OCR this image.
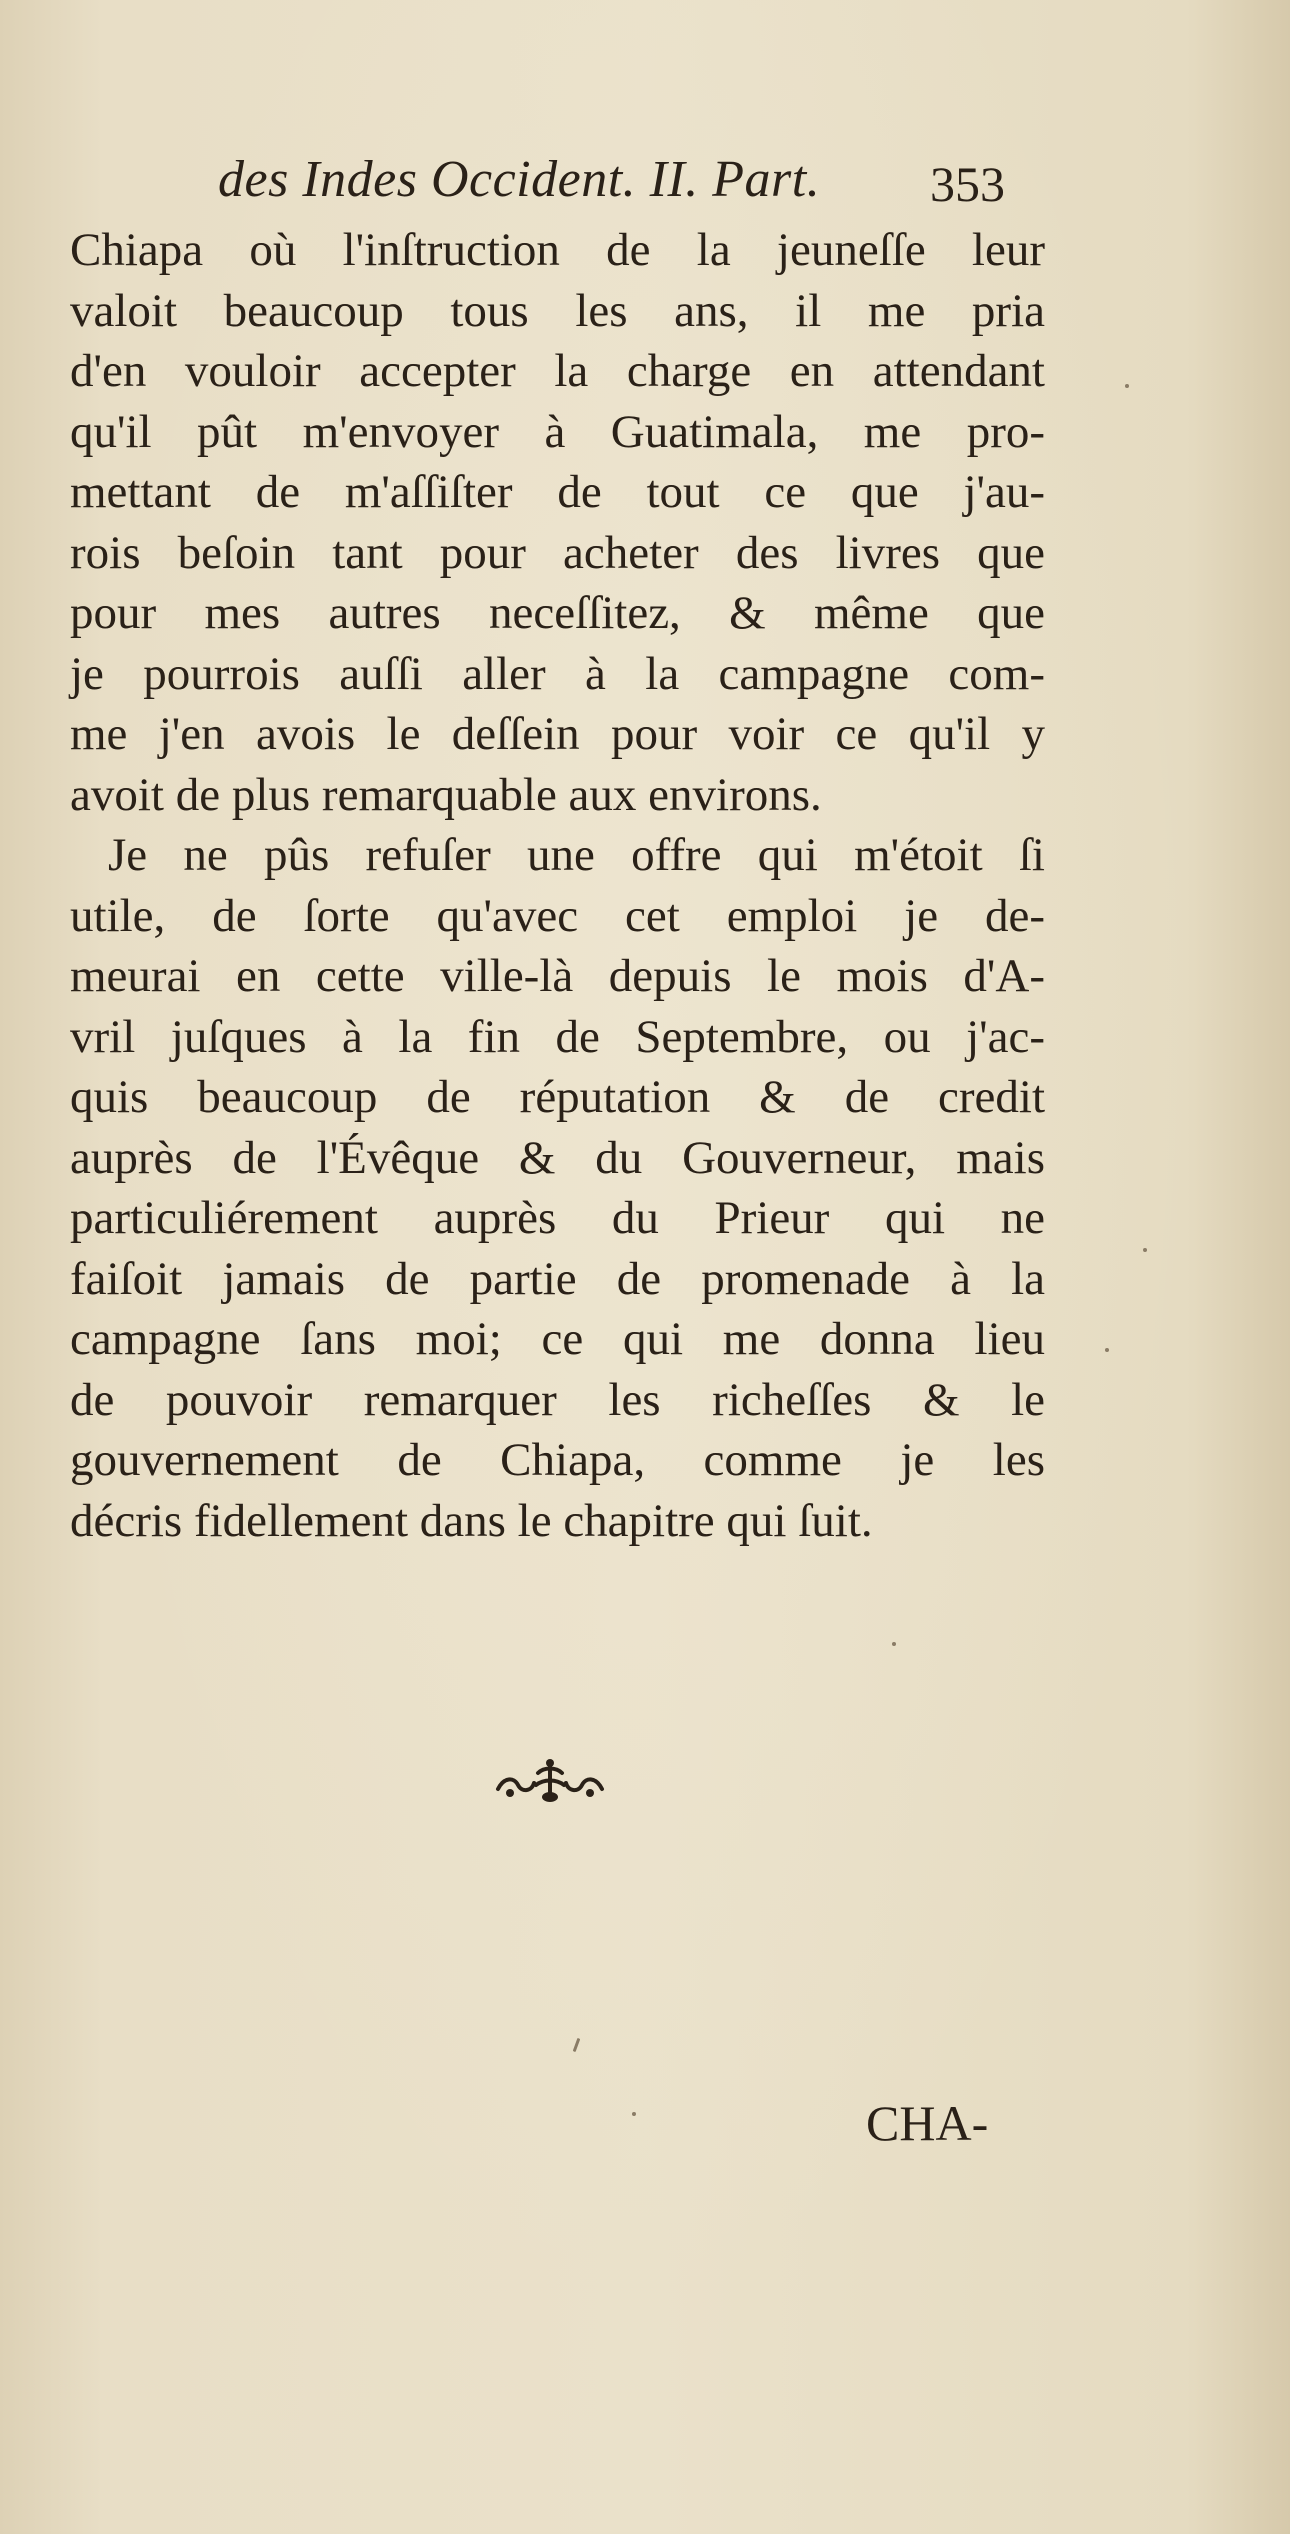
des Indes Occident. II. Part. 353
Chiapa où l'inſtruction de la jeuneſſe leur
valoit beaucoup tous les ans, il me pria
d'en vouloir accepter la charge en attendant
qu'il pût m'envoyer à Guatimala, me pro-
mettant de m'aſſiſter de tout ce que j'au-
rois beſoin tant pour acheter des livres que
pour mes autres neceſſitez, & même que
je pourrois auſſi aller à la campagne com-
me j'en avois le deſſein pour voir ce qu'il y
avoit de plus remarquable aux environs.
Je ne pûs refuſer une offre qui m'étoit ſi
utile, de ſorte qu'avec cet emploi je de-
meurai en cette ville-là depuis le mois d'A-
vril juſques à la fin de Septembre, ou j'ac-
quis beaucoup de réputation & de credit
auprès de l'Évêque & du Gouverneur, mais
particuliérement auprès du Prieur qui ne
faiſoit jamais de partie de promenade à la
campagne ſans moi; ce qui me donna lieu
de pouvoir remarquer les richeſſes & le
gouvernement de Chiapa, comme je les
décris fidellement dans le chapitre qui ſuit.
CHA-
